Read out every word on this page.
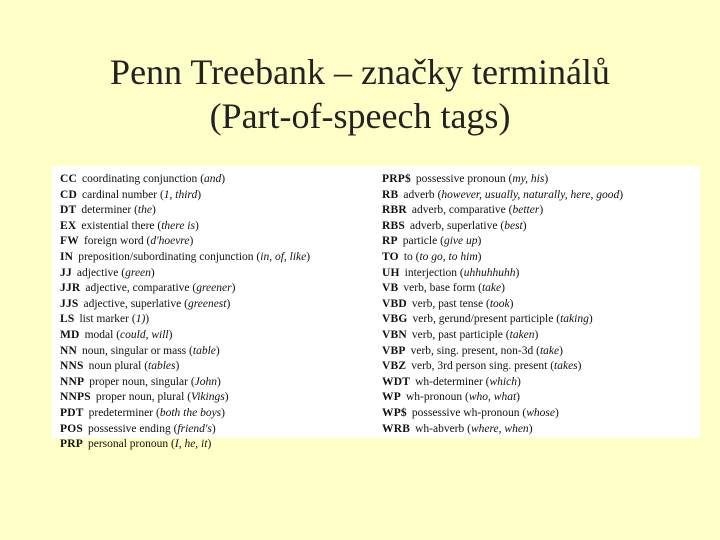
Penn Treebank – značky terminálů
(Part-of-speech tags)
CC coordinating conjunction (and)
CD cardinal number (1, third)
DT determiner (the)
EX existential there (there is)
FW foreign word (d'hoevre)
IN preposition/subordinating conjunction (in, of, like)
JJ adjective (green)
JJR adjective, comparative (greener)
JJS adjective, superlative (greenest)
LS list marker (1))
MD modal (could, will)
NN noun, singular or mass (table)
NNS noun plural (tables)
NNP proper noun, singular (John)
NNPS proper noun, plural (Vikings)
PDT predeterminer (both the boys)
POS possessive ending (friend's)
PRP personal pronoun (I, he, it)
PRP$ possessive pronoun (my, his)
RB adverb (however, usually, naturally, here, good)
RBR adverb, comparative (better)
RBS adverb, superlative (best)
RP particle (give up)
TO to (to go, to him)
UH interjection (uhhuhhuhh)
VB verb, base form (take)
VBD verb, past tense (took)
VBG verb, gerund/present participle (taking)
VBN verb, past participle (taken)
VBP verb, sing. present, non-3d (take)
VBZ verb, 3rd person sing. present (takes)
WDT wh-determiner (which)
WP wh-pronoun (who, what)
WP$ possessive wh-pronoun (whose)
WRB wh-abverb (where, when)
